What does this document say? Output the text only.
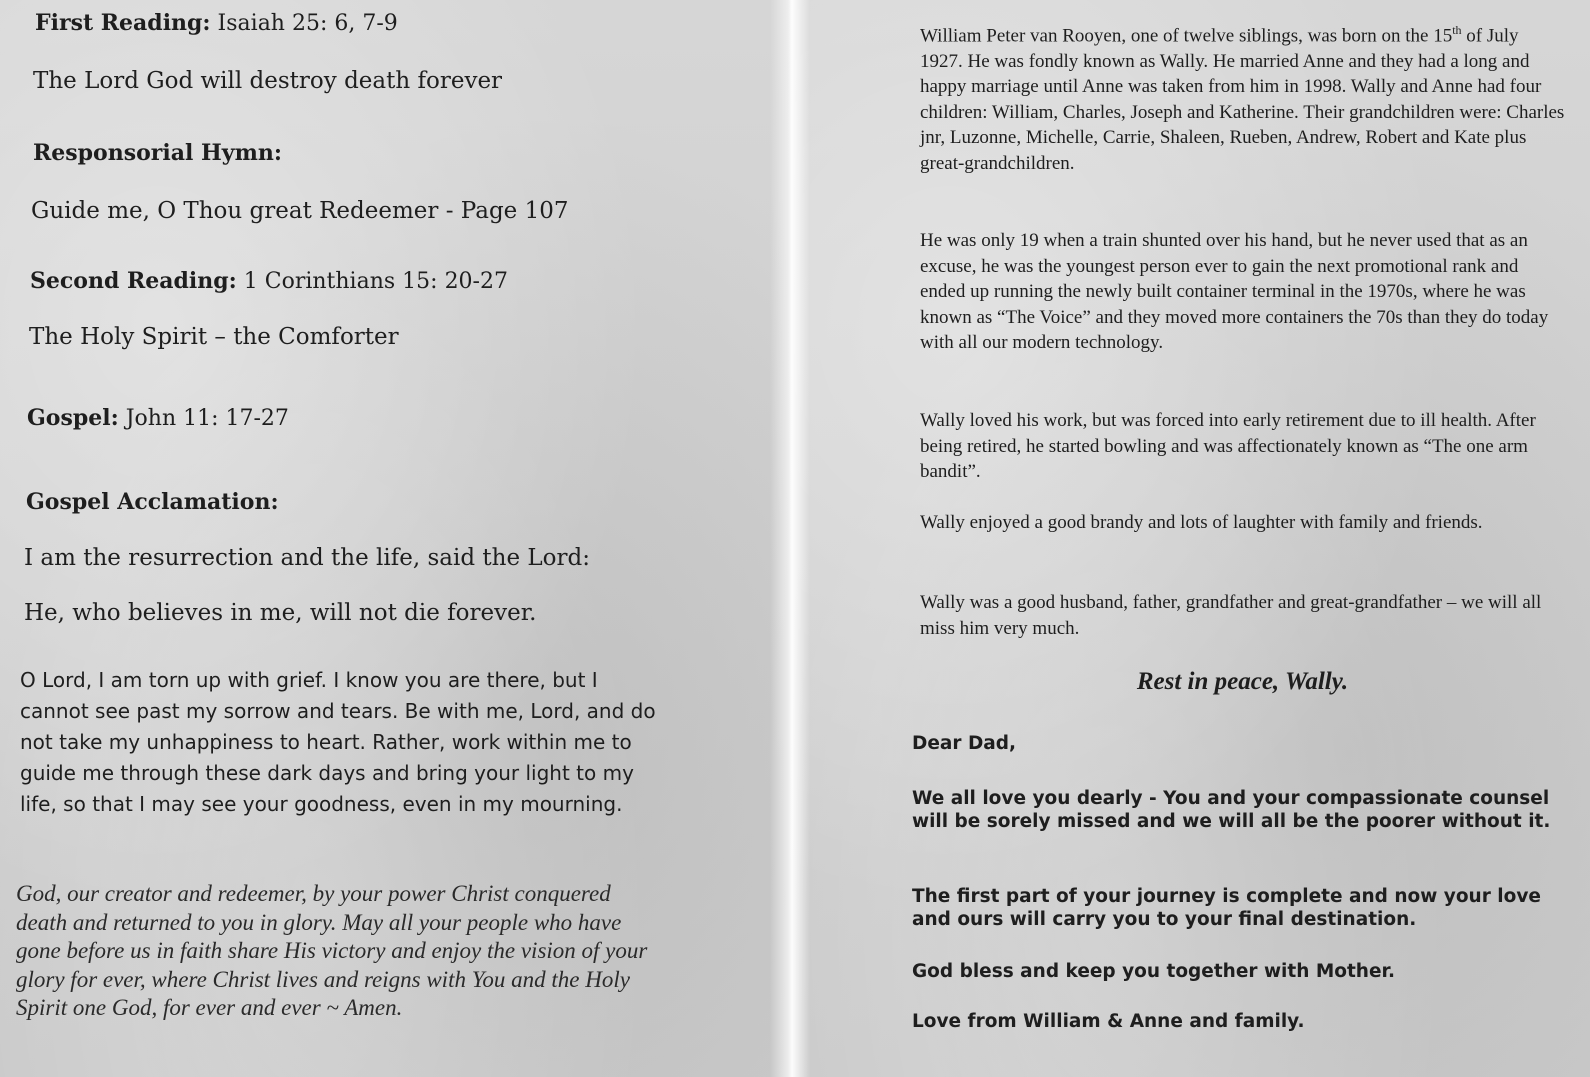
First Reading: Isaiah 25: 6, 7-9

The Lord God will destroy death forever

Responsorial Hymn:

Guide me, O Thou great Redeemer - Page 107

Second Reading: 1 Corinthians 15: 20-27

The Holy Spirit – the Comforter

Gospel: John 11: 17-27

Gospel Acclamation:

I am the resurrection and the life, said the Lord:

He, who believes in me, will not die forever.

O Lord, I am torn up with grief. I know you are there, but I cannot see past my sorrow and tears. Be with me, Lord, and do not take my unhappiness to heart. Rather, work within me to guide me through these dark days and bring your light to my life, so that I may see your goodness, even in my mourning.

God, our creator and redeemer, by your power Christ conquered death and returned to you in glory. May all your people who have gone before us in faith share His victory and enjoy the vision of your glory for ever, where Christ lives and reigns with You and the Holy Spirit one God, for ever and ever ~ Amen.

William Peter van Rooyen, one of twelve siblings, was born on the 15th of July 1927. He was fondly known as Wally. He married Anne and they had a long and happy marriage until Anne was taken from him in 1998. Wally and Anne had four children: William, Charles, Joseph and Katherine. Their grandchildren were: Charles jnr, Luzonne, Michelle, Carrie, Shaleen, Rueben, Andrew, Robert and Kate plus great-grandchildren.

He was only 19 when a train shunted over his hand, but he never used that as an excuse, he was the youngest person ever to gain the next promotional rank and ended up running the newly built container terminal in the 1970s, where he was known as “The Voice” and they moved more containers the 70s than they do today with all our modern technology.

Wally loved his work, but was forced into early retirement due to ill health. After being retired, he started bowling and was affectionately known as “The one arm bandit”.

Wally enjoyed a good brandy and lots of laughter with family and friends.

Wally was a good husband, father, grandfather and great-grandfather – we will all miss him very much.

Rest in peace, Wally.

Dear Dad,

We all love you dearly - You and your compassionate counsel will be sorely missed and we will all be the poorer without it.

The first part of your journey is complete and now your love and ours will carry you to your final destination.

God bless and keep you together with Mother.

Love from William & Anne and family.
